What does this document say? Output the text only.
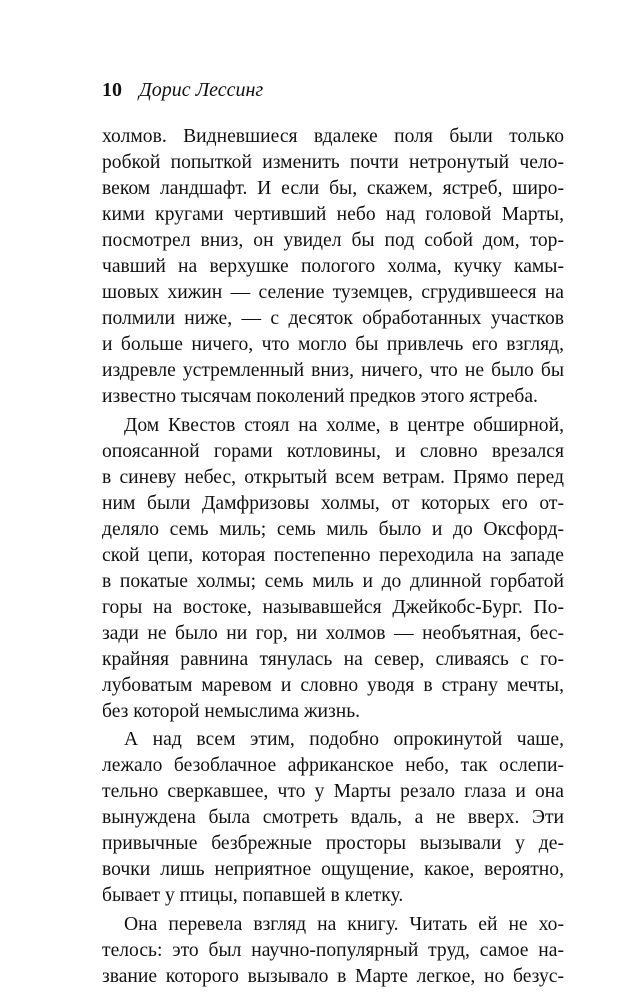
10 Дорис Лессинг
холмов. Видневшиеся вдалеке поля были только
робкой попыткой изменить почти нетронутый чело-
веком ландшафт. И если бы, скажем, ястреб, широ-
кими кругами чертивший небо над головой Марты,
посмотрел вниз, он увидел бы под собой дом, тор-
чавший на верхушке пологого холма, кучку камы-
шовых хижин — селение туземцев, сгрудившееся на
полмили ниже, — с десяток обработанных участков
и больше ничего, что могло бы привлечь его взгляд,
издревле устремленный вниз, ничего, что не было бы
известно тысячам поколений предков этого ястреба.
Дом Квестов стоял на холме, в центре обширной,
опоясанной горами котловины, и словно врезался
в синеву небес, открытый всем ветрам. Прямо перед
ним были Дамфризовы холмы, от которых его от-
деляло семь миль; семь миль было и до Оксфорд-
ской цепи, которая постепенно переходила на западе
в покатые холмы; семь миль и до длинной горбатой
горы на востоке, называвшейся Джейкобс-Бург. По-
зади не было ни гор, ни холмов — необъятная, бес-
крайняя равнина тянулась на север, сливаясь с го-
лубоватым маревом и словно уводя в страну мечты,
без которой немыслима жизнь.
А над всем этим, подобно опрокинутой чаше,
лежало безоблачное африканское небо, так ослепи-
тельно сверкавшее, что у Марты резало глаза и она
вынуждена была смотреть вдаль, а не вверх. Эти
привычные безбрежные просторы вызывали у де-
вочки лишь неприятное ощущение, какое, вероятно,
бывает у птицы, попавшей в клетку.
Она перевела взгляд на книгу. Читать ей не хо-
телось: это был научно-популярный труд, самое на-
звание которого вызывало в Марте легкое, но безус-
